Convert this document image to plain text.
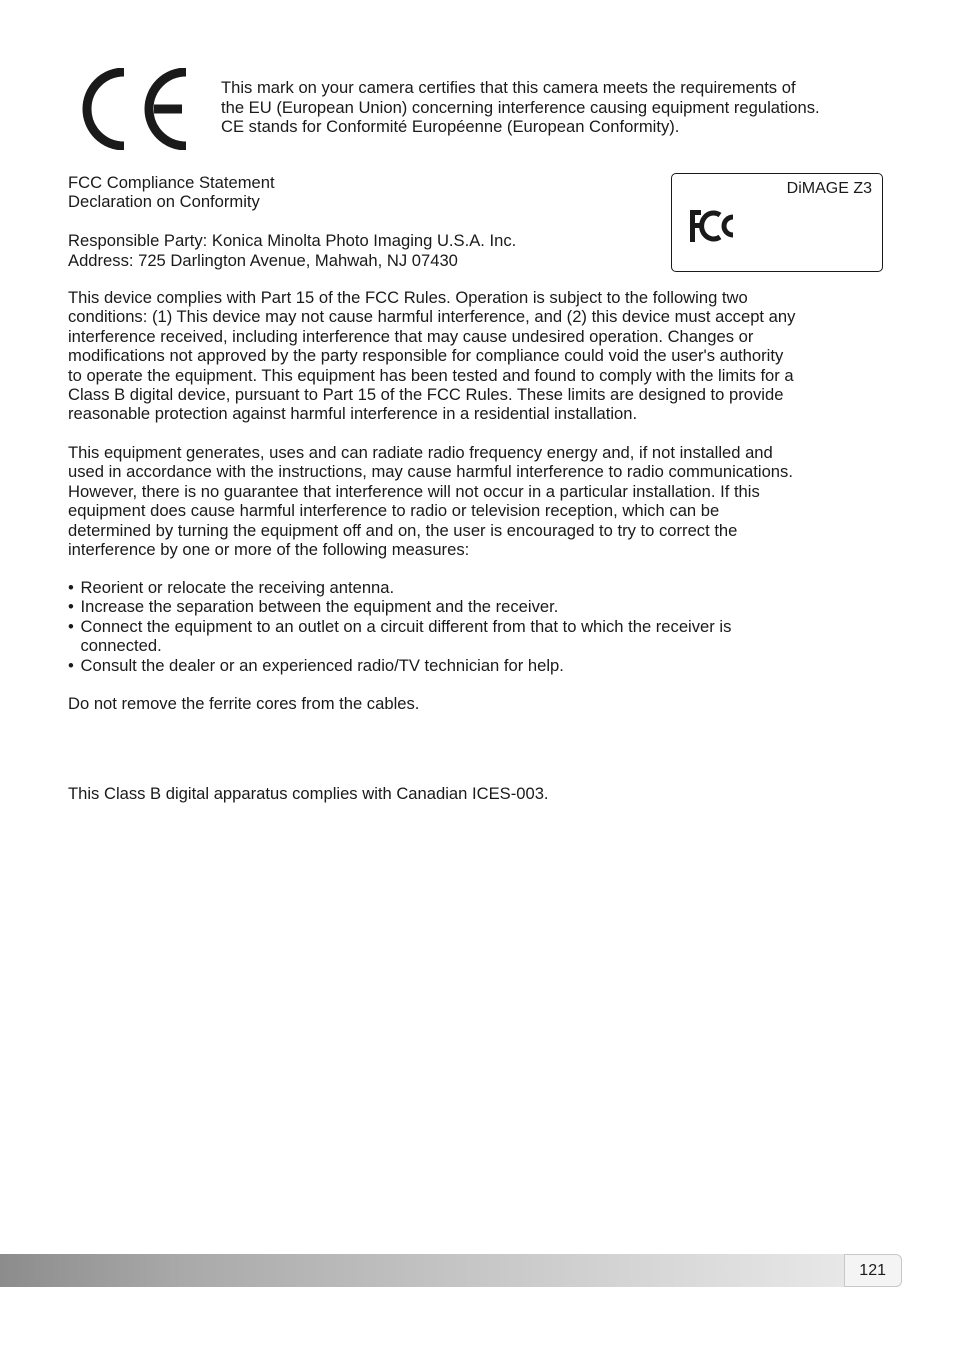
This mark on your camera certifies that this camera meets the requirements of

the EU (European Union) concerning interference causing equipment regulations.

CE stands for Conformité Européenne (European Conformity).

FCC Compliance Statement

Declaration on Conformity

Responsible Party: Konica Minolta Photo Imaging U.S.A. Inc.

Address: 725 Darlington Avenue, Mahwah, NJ 07430

DiMAGE Z3

This device complies with Part 15 of the FCC Rules. Operation is subject to the following two

conditions: (1) This device may not cause harmful interference, and (2) this device must accept any

interference received, including interference that may cause undesired operation. Changes or

modifications not approved by the party responsible for compliance could void the user's authority

to operate the equipment. This equipment has been tested and found to comply with the limits for a

Class B digital device, pursuant to Part 15 of the FCC Rules. These limits are designed to provide

reasonable protection against harmful interference in a residential installation.

This equipment generates, uses and can radiate radio frequency energy and, if not installed and

used in accordance with the instructions, may cause harmful interference to radio communications.

However, there is no guarantee that interference will not occur in a particular installation. If this

equipment does cause harmful interference to radio or television reception, which can be

determined by turning the equipment off and on, the user is encouraged to try to correct the

interference by one or more of the following measures:

• Reorient or relocate the receiving antenna.
• Increase the separation between the equipment and the receiver.
• Connect the equipment to an outlet on a circuit different from that to which the receiver is
connected.
• Consult the dealer or an experienced radio/TV technician for help.

Do not remove the ferrite cores from the cables.

This Class B digital apparatus complies with Canadian ICES-003.

121
